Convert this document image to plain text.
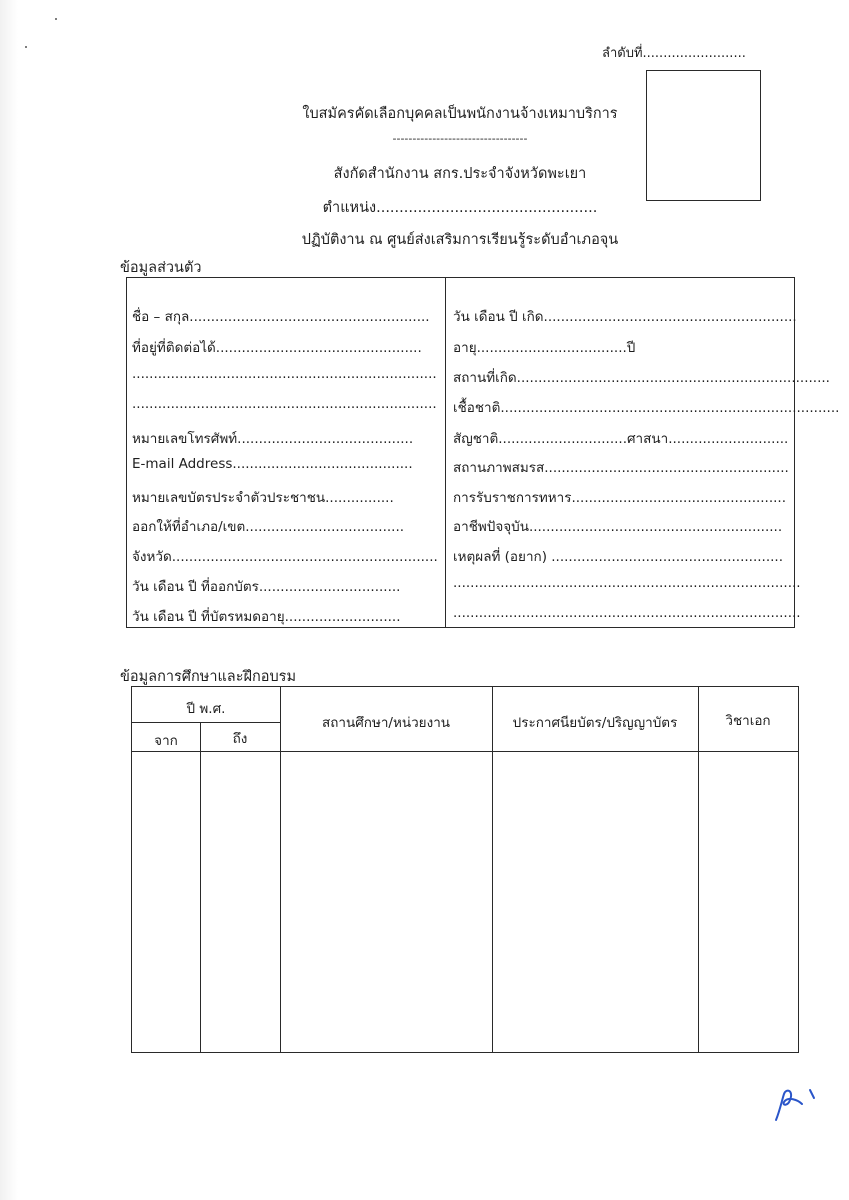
ลำดับที่.........................
ใบสมัครคัดเลือกบุคคลเป็นพนักงานจ้างเหมาบริการ
----------------------------------
สังกัดสำนักงาน สกร.ประจำจังหวัดพะเยา
ตำแหน่ง................................................
ปฏิบัติงาน ณ ศูนย์ส่งเสริมการเรียนรู้ระดับอำเภอจุน
ข้อมูลส่วนตัว
ชื่อ – สกุล........................................................
ที่อยู่ที่ติดต่อได้................................................
.......................................................................
.......................................................................
หมายเลขโทรศัพท์.........................................
E-mail Address..........................................
หมายเลขบัตรประจำตัวประชาชน................
ออกให้ที่อำเภอ/เขต.....................................
จังหวัด..............................................................
วัน เดือน ปี ที่ออกบัตร.................................
วัน เดือน ปี ที่บัตรหมดอายุ...........................
วัน เดือน ปี เกิด...........................................................
อายุ...................................ปี
สถานที่เกิด.........................................................................
เชื้อชาติ...............................................................................
สัญชาติ..............................ศาสนา............................
สถานภาพสมรส.........................................................
การรับราชการทหาร..................................................
อาชีพปัจจุบัน...........................................................
เหตุผลที่ (อยาก) ......................................................
.................................................................................
.................................................................................
ข้อมูลการศึกษาและฝึกอบรม
ปี พ.ศ.
จาก	ถึง
สถานศึกษา/หน่วยงาน	ประกาศนียบัตร/ปริญญาบัตร	วิชาเอก
